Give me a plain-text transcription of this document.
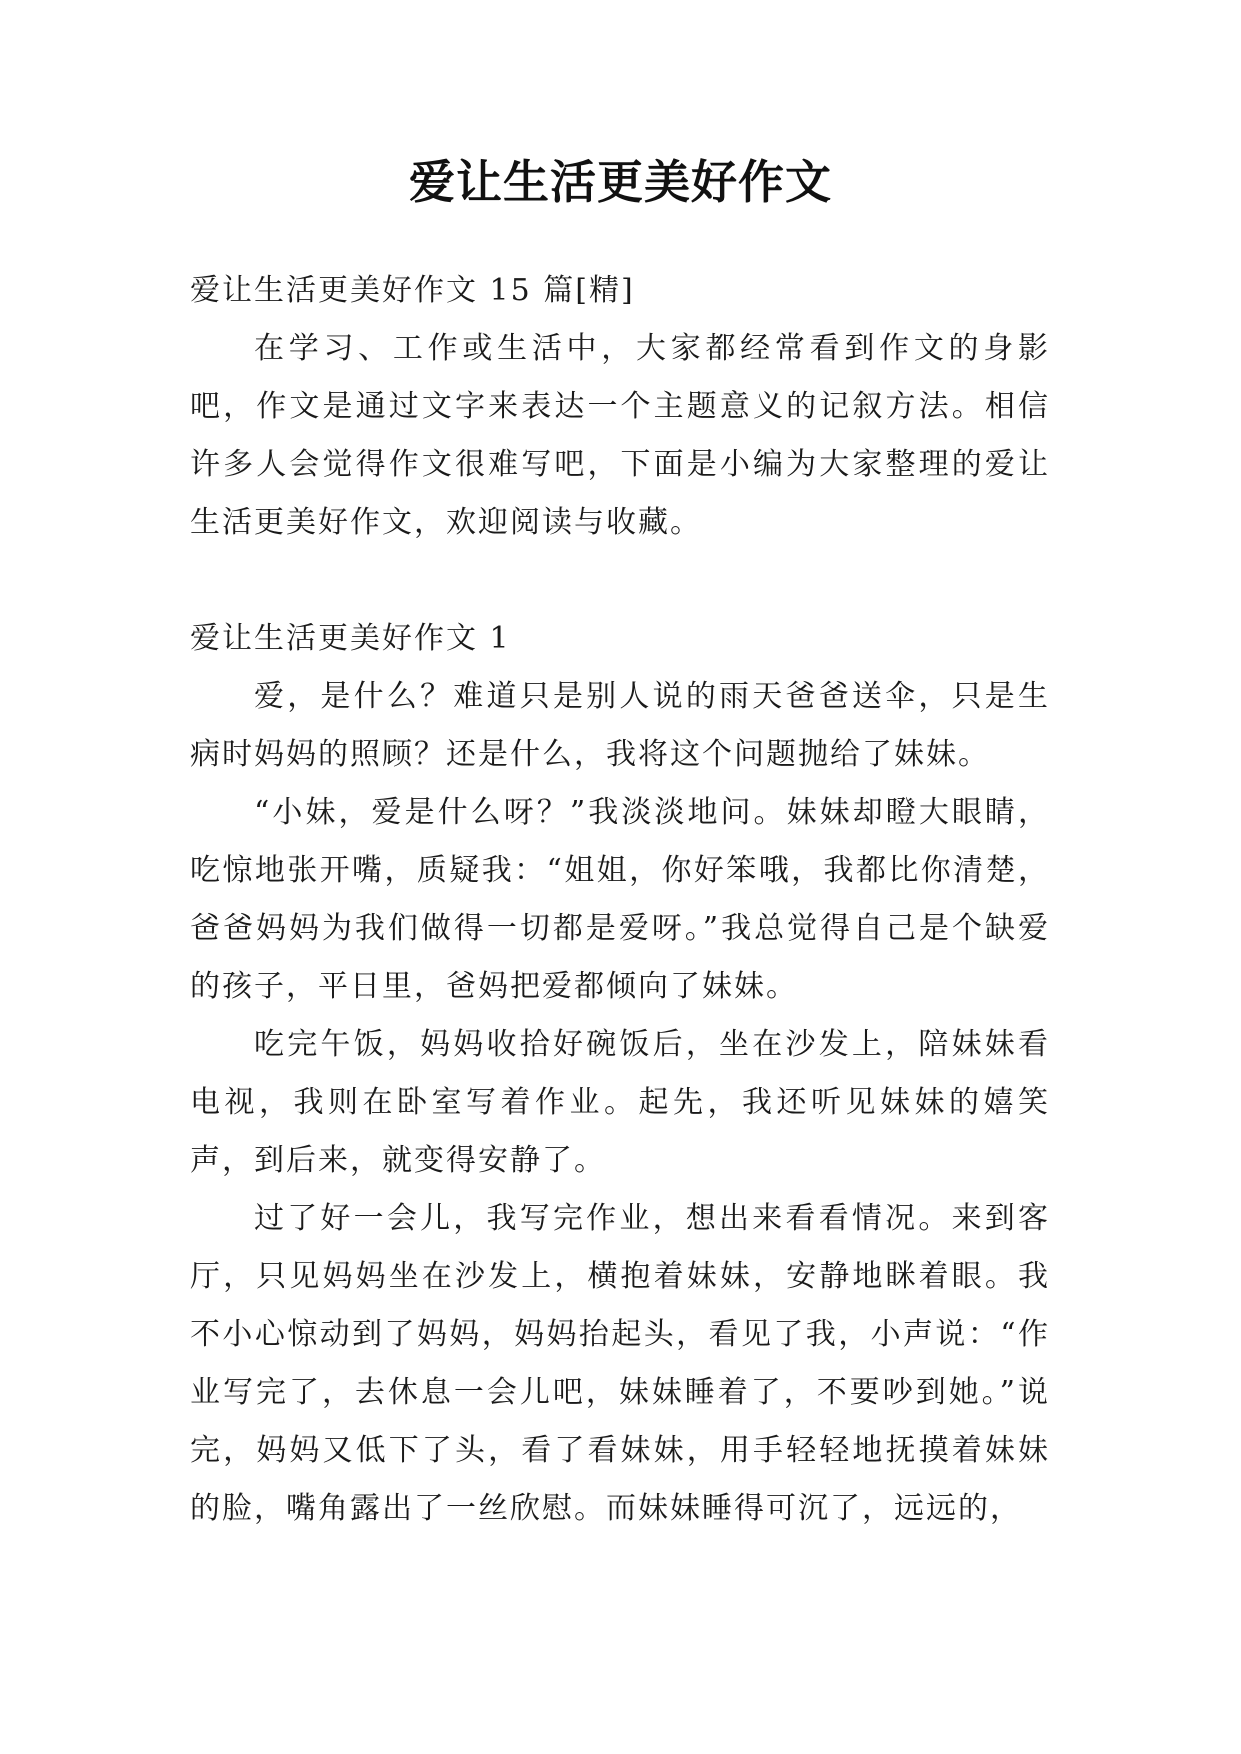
爱让生活更美好作文

爱让生活更美好作文 15 篇[精]

在学习、工作或生活中，大家都经常看到作文的身影吧，作文是通过文字来表达一个主题意义的记叙方法。相信许多人会觉得作文很难写吧，下面是小编为大家整理的爱让生活更美好作文，欢迎阅读与收藏。

爱让生活更美好作文 1

爱，是什么？难道只是别人说的雨天爸爸送伞，只是生病时妈妈的照顾？还是什么，我将这个问题抛给了妹妹。

“小妹，爱是什么呀？”我淡淡地问。妹妹却瞪大眼睛，吃惊地张开嘴，质疑我：“姐姐，你好笨哦，我都比你清楚，爸爸妈妈为我们做得一切都是爱呀。”我总觉得自己是个缺爱的孩子，平日里，爸妈把爱都倾向了妹妹。

吃完午饭，妈妈收拾好碗饭后，坐在沙发上，陪妹妹看电视，我则在卧室写着作业。起先，我还听见妹妹的嬉笑声，到后来，就变得安静了。

过了好一会儿，我写完作业，想出来看看情况。来到客厅，只见妈妈坐在沙发上，横抱着妹妹，安静地眯着眼。我不小心惊动到了妈妈，妈妈抬起头，看见了我，小声说：“作业写完了，去休息一会儿吧，妹妹睡着了，不要吵到她。”说完，妈妈又低下了头，看了看妹妹，用手轻轻地抚摸着妹妹的脸，嘴角露出了一丝欣慰。而妹妹睡得可沉了，远远的，
